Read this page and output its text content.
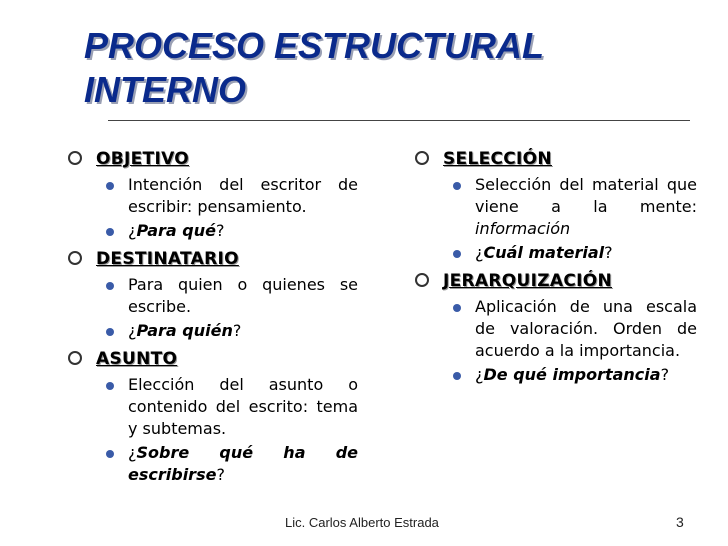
PROCESO ESTRUCTURAL
INTERNO
OBJETIVO
Intención del escritor de escribir: pensamiento.
¿Para qué?
DESTINATARIO
Para quien o quienes se escribe.
¿Para quién?
ASUNTO
Elección del asunto o contenido del escrito: tema y subtemas.
¿Sobre qué ha de escribirse?
SELECCIÓN
Selección del material que viene a la mente: información
¿Cuál material?
JERARQUIZACIÓN
Aplicación de una escala de valoración. Orden de acuerdo a la importancia.
¿De qué importancia?
Lic. Carlos Alberto Estrada	3
